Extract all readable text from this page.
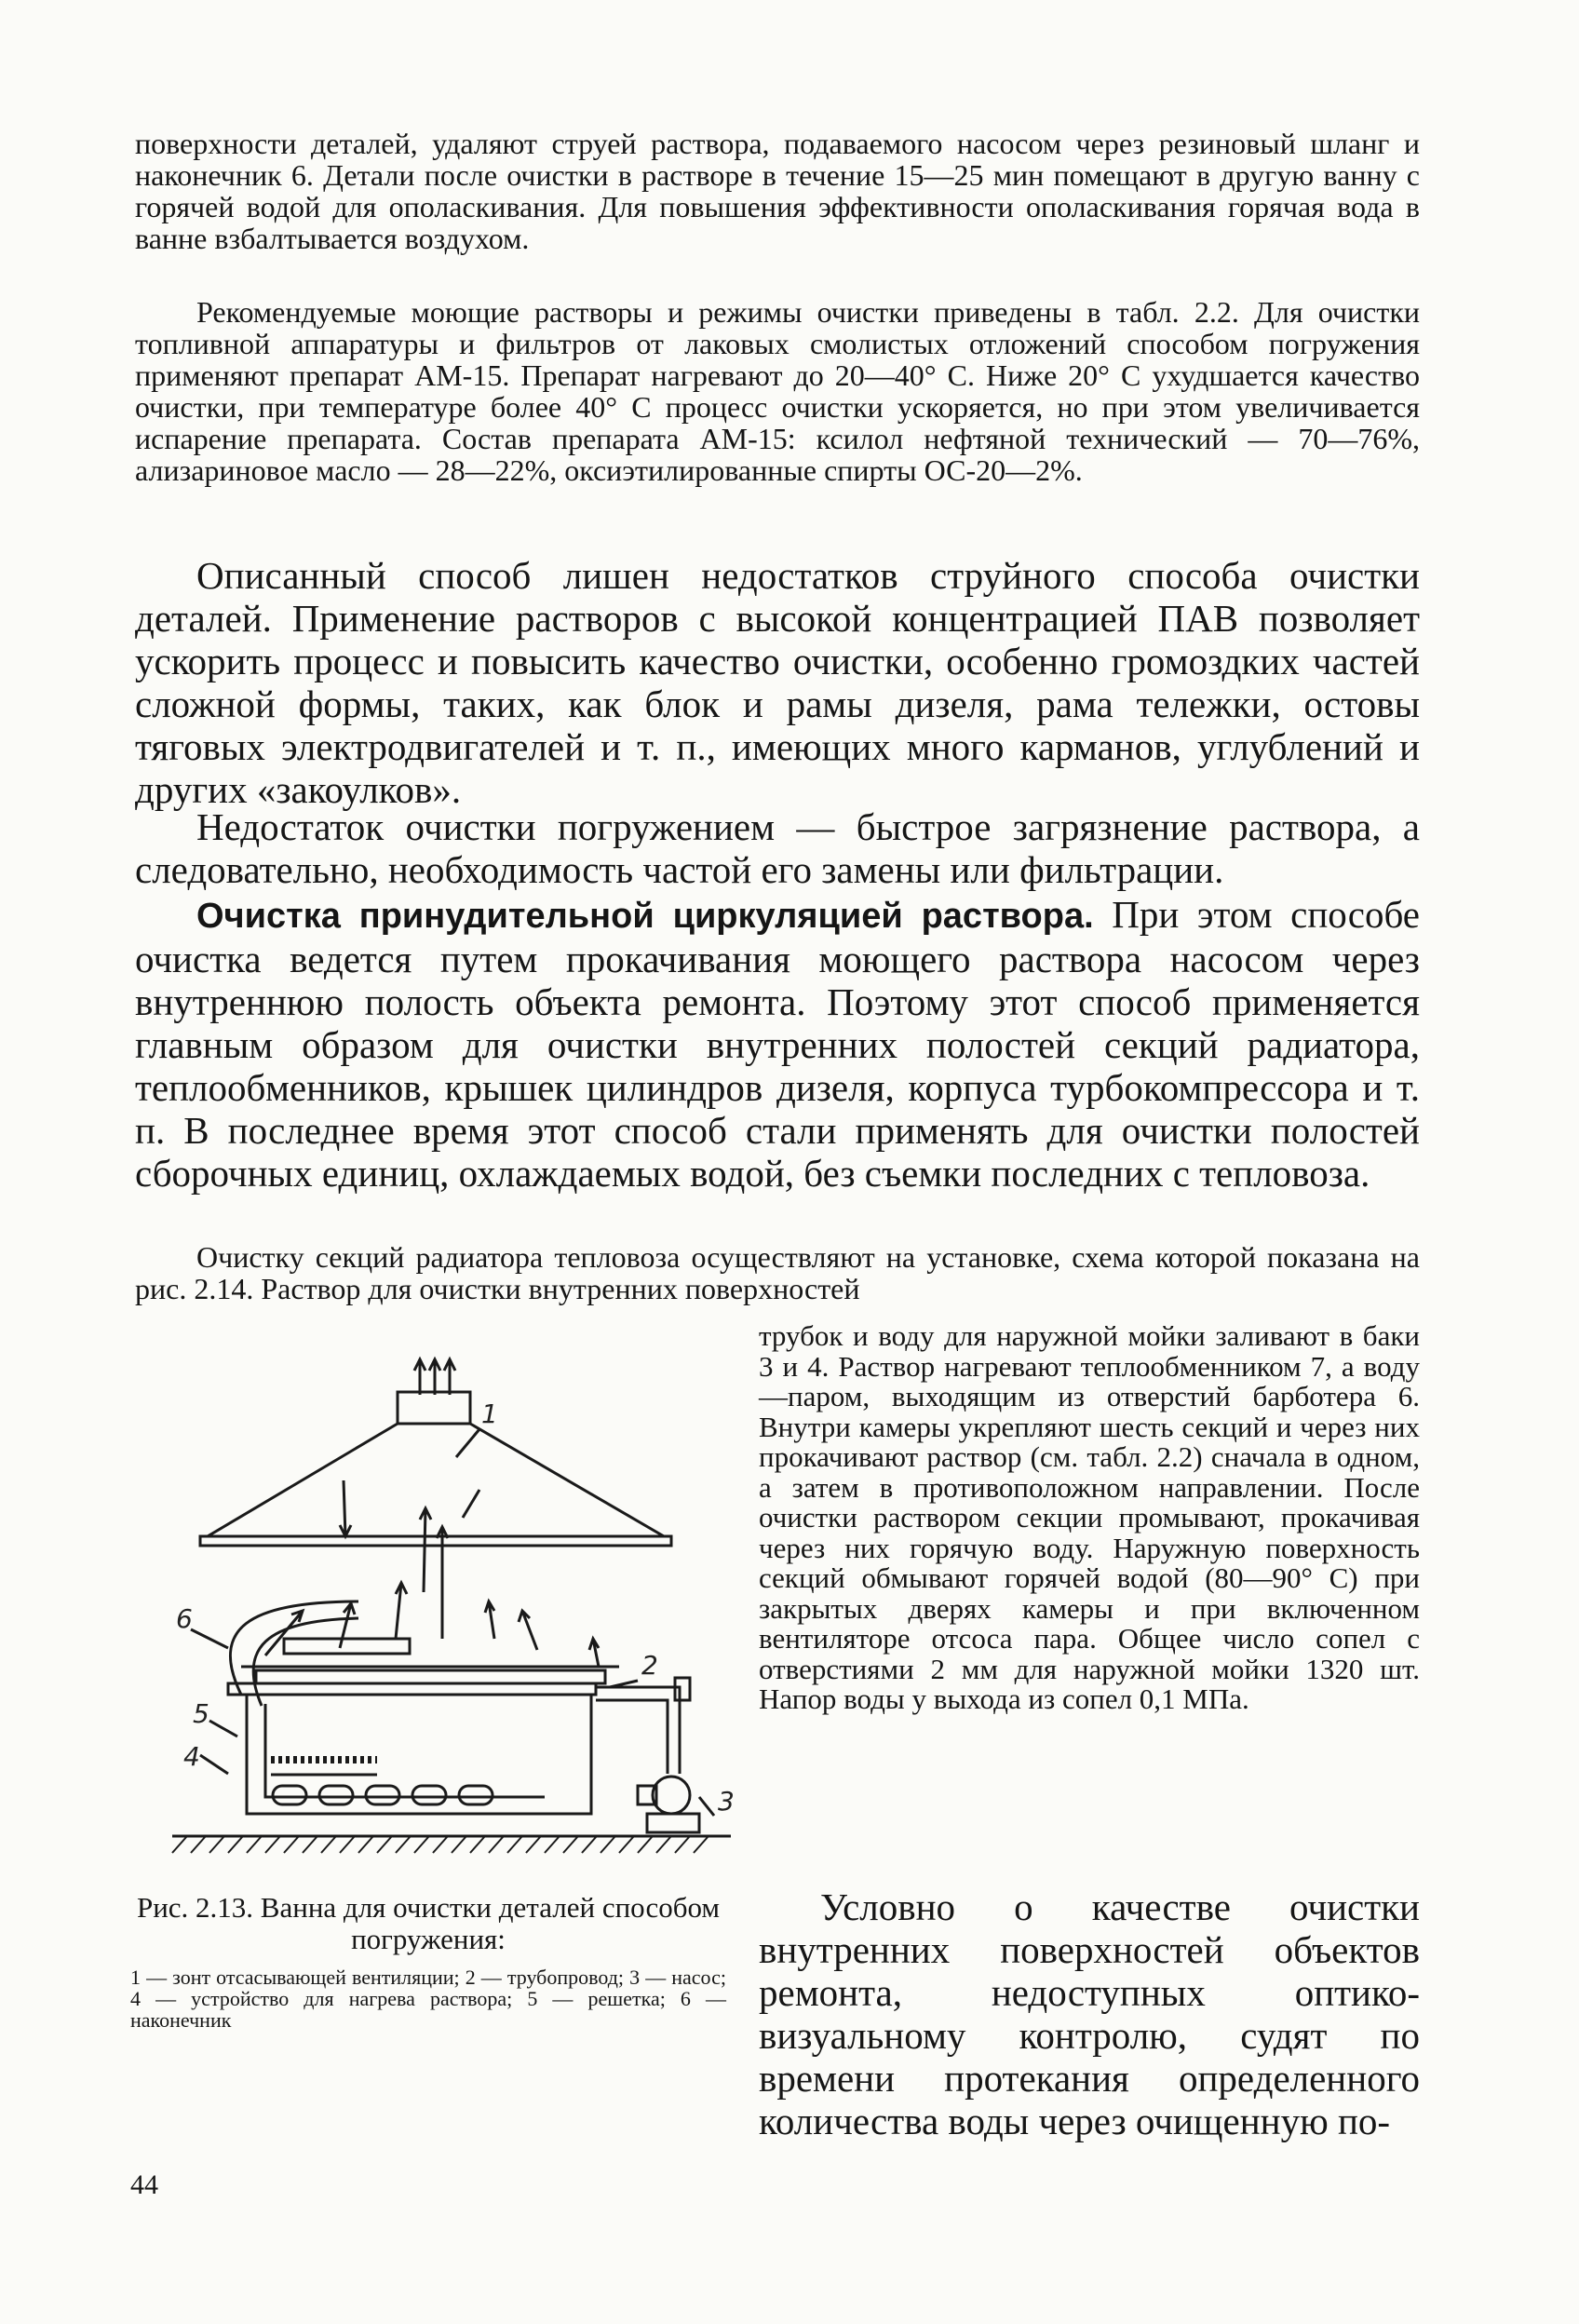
поверхности деталей, удаляют струей раствора, подаваемого насосом через резиновый шланг и наконечник 6. Детали после очистки в растворе в течение 15—25 мин помещают в другую ванну с горячей водой для ополаскивания. Для повышения эффективности ополаскивания горячая вода в ванне взбалтывается воздухом.

Рекомендуемые моющие растворы и режимы очистки приведены в табл. 2.2. Для очистки топливной аппаратуры и фильтров от лаковых смолистых отложений способом погружения применяют препарат АМ-15. Препарат нагревают до 20—40° С. Ниже 20° С ухудшается качество очистки, при температуре более 40° С процесс очистки ускоряется, но при этом увеличивается испарение препарата. Состав препарата АМ-15: ксилол нефтяной технический — 70—76%, ализариновое масло — 28—22%, оксиэтилированные спирты ОС-20—2%.

Описанный способ лишен недостатков струйного способа очистки деталей. Применение растворов с высокой концентрацией ПАВ позволяет ускорить процесс и повысить качество очистки, особенно громоздких частей сложной формы, таких, как блок и рамы дизеля, рама тележки, остовы тяговых электродвигателей и т. п., имеющих много карманов, углублений и других «закоулков».

Недостаток очистки погружением — быстрое загрязнение раствора, а следовательно, необходимость частой его замены или фильтрации.

Очистка принудительной циркуляцией раствора. При этом способе очистка ведется путем прокачивания моющего раствора насосом через внутреннюю полость объекта ремонта. Поэтому этот способ применяется главным образом для очистки внутренних полостей секций радиатора, теплообменников, крышек цилиндров дизеля, корпуса турбокомпрессора и т. п. В последнее время этот способ стали применять для очистки полостей сборочных единиц, охлаждаемых водой, без съемки последних с тепловоза.

Очистку секций радиатора тепловоза осуществляют на установке, схема которой показана на рис. 2.14. Раствор для очистки внутренних поверхностей

трубок и воду для наружной мойки заливают в баки 3 и 4. Раствор нагревают теплообменником 7, а воду—паром, выходящим из отверстий барботера 6. Внутри камеры укрепляют шесть секций и через них прокачивают раствор (см. табл. 2.2) сначала в одном, а затем в противоположном направлении. После очистки раствором секции промывают, прокачивая через них горячую воду. Наружную поверхность секций обмывают горячей водой (80—90° С) при закрытых дверях камеры и при включенном вентиляторе отсоса пара. Общее число сопел с отверстиями 2 мм для наружной мойки 1320 шт. Напор воды у выхода из сопел 0,1 МПа.

1
2
3
4
5
6
Рис. 2.13. Ванна для очистки деталей способом погружения:
1 — зонт отсасывающей вентиляции; 2 — трубопровод; 3 — насос; 4 — устройство для нагрева раствора; 5 — решетка; 6 — наконечник

Условно о качестве очистки внутренних поверхностей объектов ремонта, недоступных оптико-визуальному контролю, судят по времени протекания определенного количества воды через очищенную по-

44
